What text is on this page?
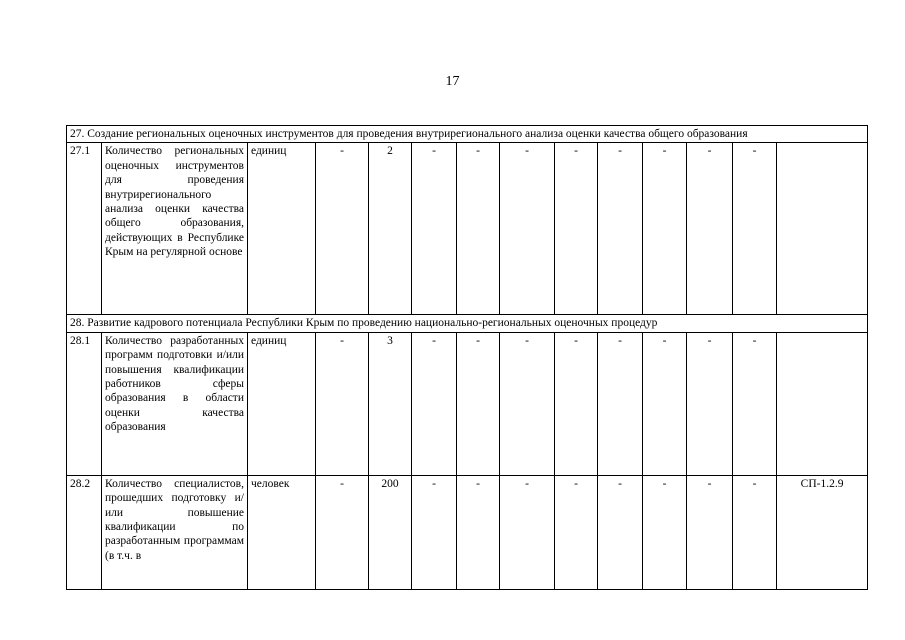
17
27. Создание региональных оценочных инструментов для проведения внутрирегионального анализа оценки качества общего образования													
27.1	Количество региональных оценочных инструментов для проведения внутрирегионального анализа оценки качества общего образования, действующих в Республике Крым на регулярной основе	единиц	-	2	-	-	-	-	-	-	-	-	
28. Развитие кадрового потенциала Республики Крым по проведению национально-региональных оценочных процедур													
28.1	Количество разработанных программ подготовки и/или повышения квалификации работников сферы образования в области оценки качества образования	единиц	-	3	-	-	-	-	-	-	-	-	
28.2	Количество специалистов, прошедших подготовку и/или повышение квалификации по разработанным программам (в т.ч. в	человек	-	200	-	-	-	-	-	-	-	-	СП-1.2.9
